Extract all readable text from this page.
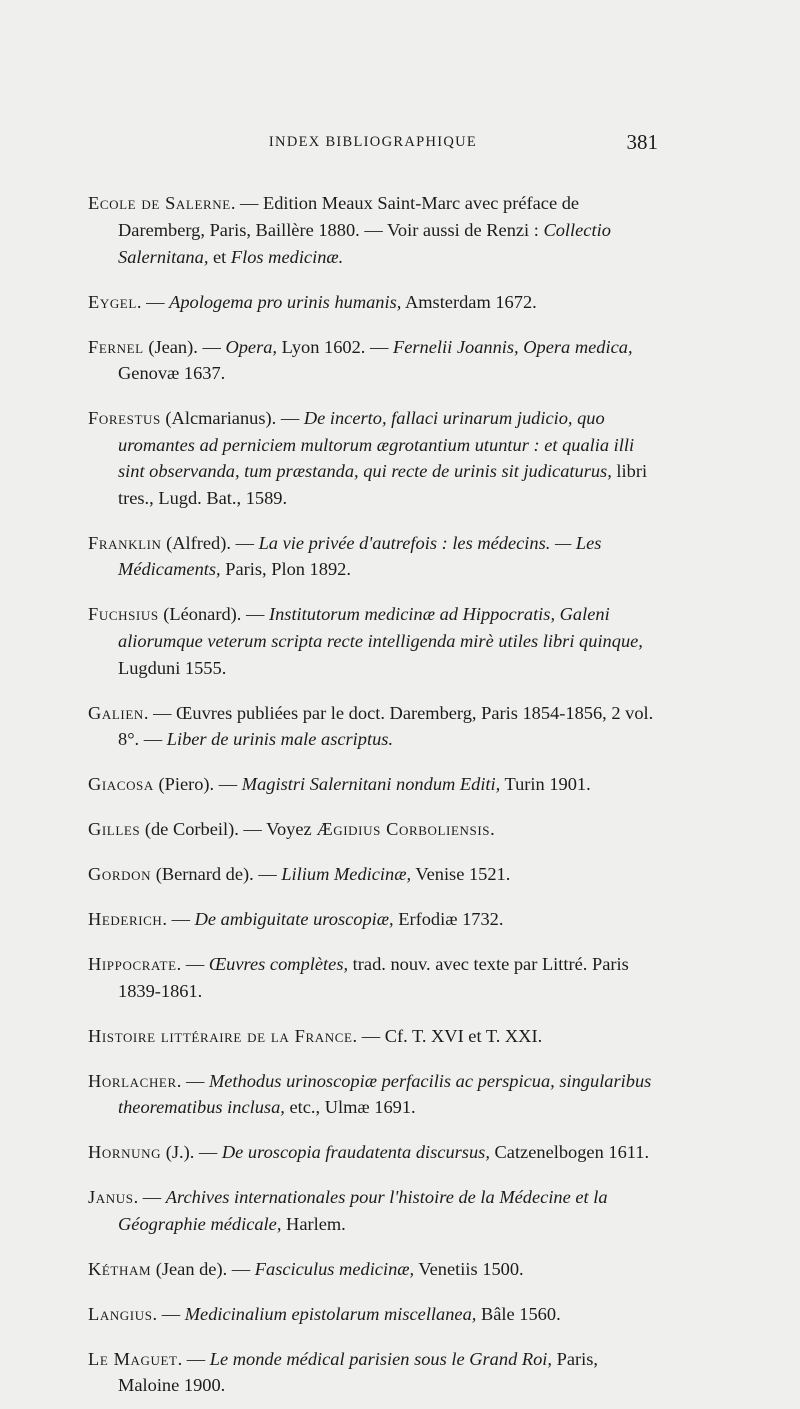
INDEX BIBLIOGRAPHIQUE	381

Ecole de Salerne. — Edition Meaux Saint-Marc avec préface de Daremberg, Paris, Baillère 1880. — Voir aussi de Renzi : Collectio Salernitana, et Flos medicinæ.

Eygel. — Apologema pro urinis humanis, Amsterdam 1672.

Fernel (Jean). — Opera, Lyon 1602. — Fernelii Joannis, Opera medica, Genovæ 1637.

Forestus (Alcmarianus). — De incerto, fallaci urinarum judicio, quo uromantes ad perniciem multorum ægrotantium utuntur : et qualia illi sint observanda, tum præstanda, qui recte de urinis sit judicaturus, libri tres., Lugd. Bat., 1589.

Franklin (Alfred). — La vie privée d'autrefois : les médecins. — Les Médicaments, Paris, Plon 1892.

Fuchsius (Léonard). — Institutorum medicinæ ad Hippocratis, Galeni aliorumque veterum scripta recte intelligenda mirè utiles libri quinque, Lugduni 1555.

Galien. — Œuvres publiées par le doct. Daremberg, Paris 1854-1856, 2 vol. 8°. — Liber de urinis male ascriptus.

Giacosa (Piero). — Magistri Salernitani nondum Editi, Turin 1901.

Gilles (de Corbeil). — Voyez Ægidius Corboliensis.

Gordon (Bernard de). — Lilium Medicinæ, Venise 1521.

Hederich. — De ambiguitate uroscopiæ, Erfodiæ 1732.

Hippocrate. — Œuvres complètes, trad. nouv. avec texte par Littré. Paris 1839-1861.

Histoire littéraire de la France. — Cf. T. XVI et T. XXI.

Horlacher. — Methodus urinoscopiæ perfacilis ac perspicua, singularibus theorematibus inclusa, etc., Ulmæ 1691.

Hornung (J.). — De uroscopia fraudatenta discursus, Catzenelbogen 1611.

Janus. — Archives internationales pour l'histoire de la Médecine et la Géographie médicale, Harlem.

Kétham (Jean de). — Fasciculus medicinæ, Venetiis 1500.

Langius. — Medicinalium epistolarum miscellanea, Bâle 1560.

Le Maguet. — Le monde médical parisien sous le Grand Roi, Paris, Maloine 1900.
